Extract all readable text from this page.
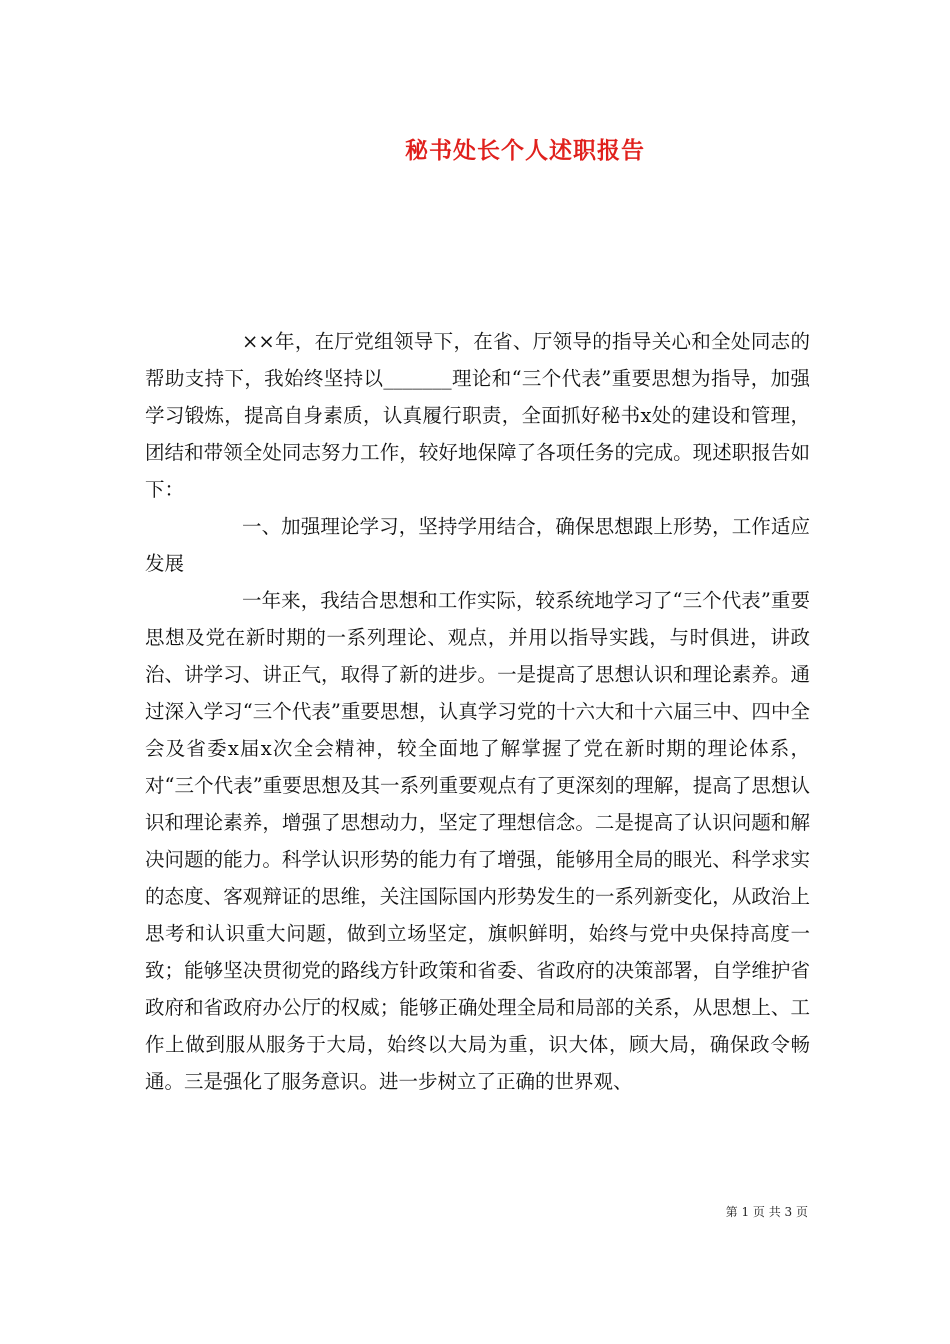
秘书处长个人述职报告

××年，在厅党组领导下，在省、厅领导的指导关心和全处同志的帮助支持下，我始终坚持以_______理论和“三个代表”重要思想为指导，加强学习锻炼，提高自身素质，认真履行职责，全面抓好秘书x处的建设和管理，团结和带领全处同志努力工作，较好地保障了各项任务的完成。现述职报告如下：

一、加强理论学习，坚持学用结合，确保思想跟上形势，工作适应发展

一年来，我结合思想和工作实际，较系统地学习了“三个代表”重要思想及党在新时期的一系列理论、观点，并用以指导实践，与时俱进，讲政治、讲学习、讲正气，取得了新的进步。一是提高了思想认识和理论素养。通过深入学习“三个代表”重要思想，认真学习党的十六大和十六届三中、四中全会及省委x届x次全会精神，较全面地了解掌握了党在新时期的理论体系，对“三个代表”重要思想及其一系列重要观点有了更深刻的理解，提高了思想认识和理论素养，增强了思想动力，坚定了理想信念。二是提高了认识问题和解决问题的能力。科学认识形势的能力有了增强，能够用全局的眼光、科学求实的态度、客观辩证的思维，关注国际国内形势发生的一系列新变化，从政治上思考和认识重大问题，做到立场坚定，旗帜鲜明，始终与党中央保持高度一致；能够坚决贯彻党的路线方针政策和省委、省政府的决策部署，自学维护省政府和省政府办公厅的权威；能够正确处理全局和局部的关系，从思想上、工作上做到服从服务于大局，始终以大局为重，识大体，顾大局，确保政令畅通。三是强化了服务意识。进一步树立了正确的世界观、

第 1 页 共 3 页
